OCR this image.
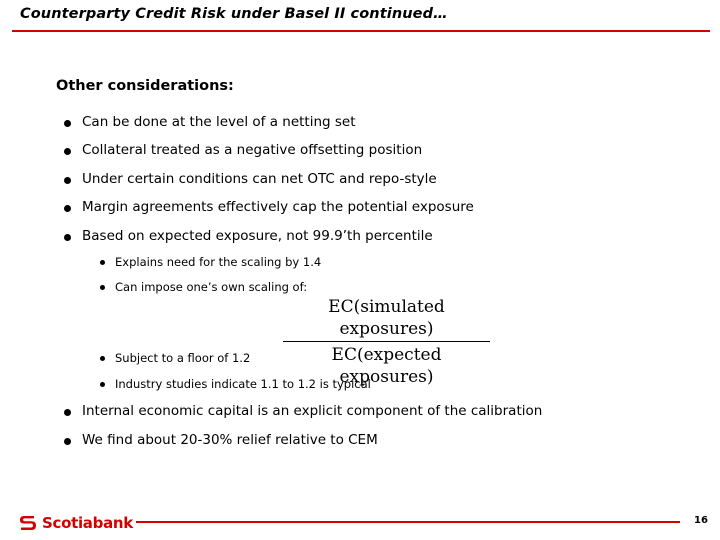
Counterparty Credit Risk under Basel II continued…
Other considerations:
Can be done at the level of a netting set
Collateral treated as a negative offsetting position
Under certain conditions can net OTC and repo-style
Margin agreements effectively cap the potential exposure
Based on expected exposure, not 99.9’th percentile
Explains need for the scaling by 1.4
Can impose one’s own scaling of:
EC(simulated exposures)
EC(expected exposures)
Subject to a floor of 1.2
Industry studies indicate 1.1 to 1.2 is typical
Internal economic capital is an explicit component of the calibration
We find about 20-30% relief relative to CEM
Scotiabank	16
